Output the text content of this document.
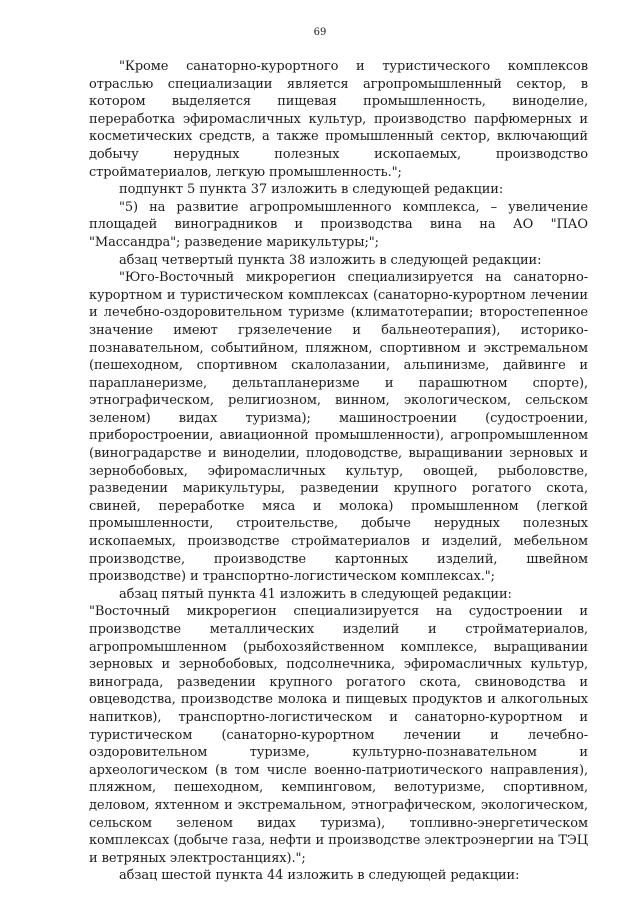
69

"Кроме санаторно-курортного и туристического комплексов отраслью специализации является агропромышленный сектор, в котором выделяется пищевая промышленность, виноделие, переработка эфиромасличных культур, производство парфюмерных и косметических средств, а также промышленный сектор, включающий добычу нерудных полезных ископаемых, производство стройматериалов, легкую промышленность.";

подпункт 5 пункта 37 изложить в следующей редакции:

"5) на развитие агропромышленного комплекса, – увеличение площадей виноградников и производства вина на АО "ПАО "Массандра"; разведение марикультуры;";

абзац четвертый пункта 38 изложить в следующей редакции:

"Юго-Восточный микрорегион специализируется на санаторно-курортном и туристическом комплексах (санаторно-курортном лечении и лечебно-оздоровительном туризме (климатотерапии; второстепенное значение имеют грязелечение и бальнеотерапия), историко-познавательном, событийном, пляжном, спортивном и экстремальном (пешеходном, спортивном скалолазании, альпинизме, дайвинге и парапланеризме, дельтапланеризме и парашютном спорте), этнографическом, религиозном, винном, экологическом, сельском зеленом) видах туризма); машиностроении (судостроении, приборостроении, авиационной промышленности), агропромышленном (виноградарстве и виноделии, плодоводстве, выращивании зерновых и зернобобовых, эфиромасличных культур, овощей, рыболовстве, разведении марикультуры, разведении крупного рогатого скота, свиней, переработке мяса и молока) промышленном (легкой промышленности, строительстве, добыче нерудных полезных ископаемых, производстве стройматериалов и изделий, мебельном производстве, производстве картонных изделий, швейном производстве) и транспортно-логистическом комплексах.";

абзац пятый пункта 41 изложить в следующей редакции:

"Восточный микрорегион специализируется на судостроении и производстве металлических изделий и стройматериалов, агропромышленном (рыбохозяйственном комплексе, выращивании зерновых и зернобобовых, подсолнечника, эфиромасличных культур, винограда, разведении крупного рогатого скота, свиноводства и овцеводства, производстве молока и пищевых продуктов и алкогольных напитков), транспортно-логистическом и санаторно-курортном и туристическом (санаторно-курортном лечении и лечебно-оздоровительном туризме, культурно-познавательном и археологическом (в том числе военно-патриотического направления), пляжном, пешеходном, кемпинговом, велотуризме, спортивном, деловом, яхтенном и экстремальном, этнографическом, экологическом, сельском зеленом видах туризма), топливно-энергетическом комплексах (добыче газа, нефти и производстве электроэнергии на ТЭЦ и ветряных электростанциях).";

абзац шестой пункта 44 изложить в следующей редакции:
